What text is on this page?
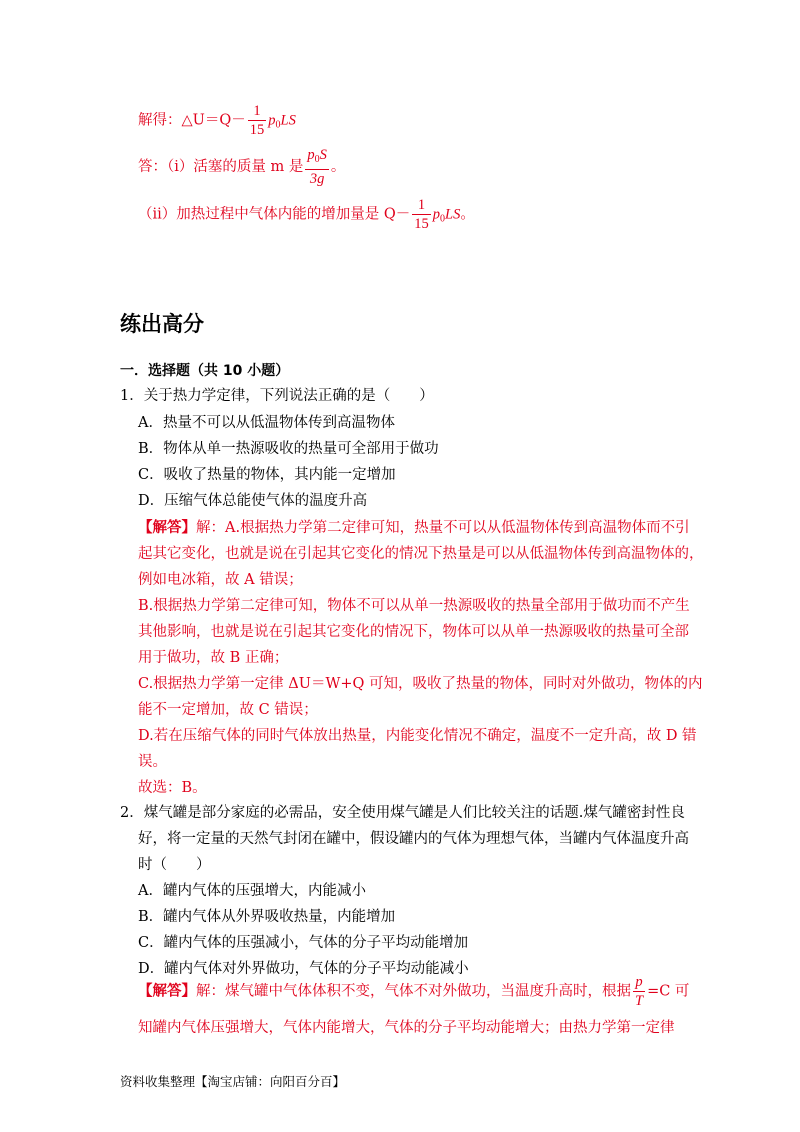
解得：△U＝Q－ $\frac{1}{15} p_0LS$
答：（i）活塞的质量 m 是 $\frac{p_0S}{3g}$ 。
（ii）加热过程中气体内能的增加量是 $Q- \frac{1}{15} p_0LS$。
练出高分
一．选择题（共 10 小题）
1．关于热力学定律，下列说法正确的是（　　）
A．热量不可以从低温物体传到高温物体
B．物体从单一热源吸收的热量可全部用于做功
C．吸收了热量的物体，其内能一定增加
D．压缩气体总能使气体的温度升高
【解答】解：A.根据热力学第二定律可知，热量不可以从低温物体传到高温物体而不引
起其它变化，也就是说在引起其它变化的情况下热量是可以从低温物体传到高温物体的，
例如电冰箱，故 A 错误；
B.根据热力学第二定律可知，物体不可以从单一热源吸收的热量全部用于做功而不产生
其他影响，也就是说在引起其它变化的情况下，物体可以从单一热源吸收的热量可全部
用于做功，故 B 正确；
C.根据热力学第一定律 ΔU＝W+Q 可知，吸收了热量的物体，同时对外做功，物体的内
能不一定增加，故 C 错误；
D.若在压缩气体的同时气体放出热量，内能变化情况不确定，温度不一定升高，故 D 错
误。
故选：B。
2．煤气罐是部分家庭的必需品，安全使用煤气罐是人们比较关注的话题.煤气罐密封性良
好，将一定量的天然气封闭在罐中，假设罐内的气体为理想气体，当罐内气体温度升高
时（　　）
A．罐内气体的压强增大，内能减小
B．罐内气体从外界吸收热量，内能增加
C．罐内气体的压强减小，气体的分子平均动能增加
D．罐内气体对外界做功，气体的分子平均动能减小
【解答】解：煤气罐中气体体积不变，气体不对外做功，当温度升高时，根据 $\frac{p}{T} =C$ 可
知罐内气体压强增大，气体内能增大，气体的分子平均动能增大；由热力学第一定律
资料收集整理【淘宝店铺：向阳百分百】
